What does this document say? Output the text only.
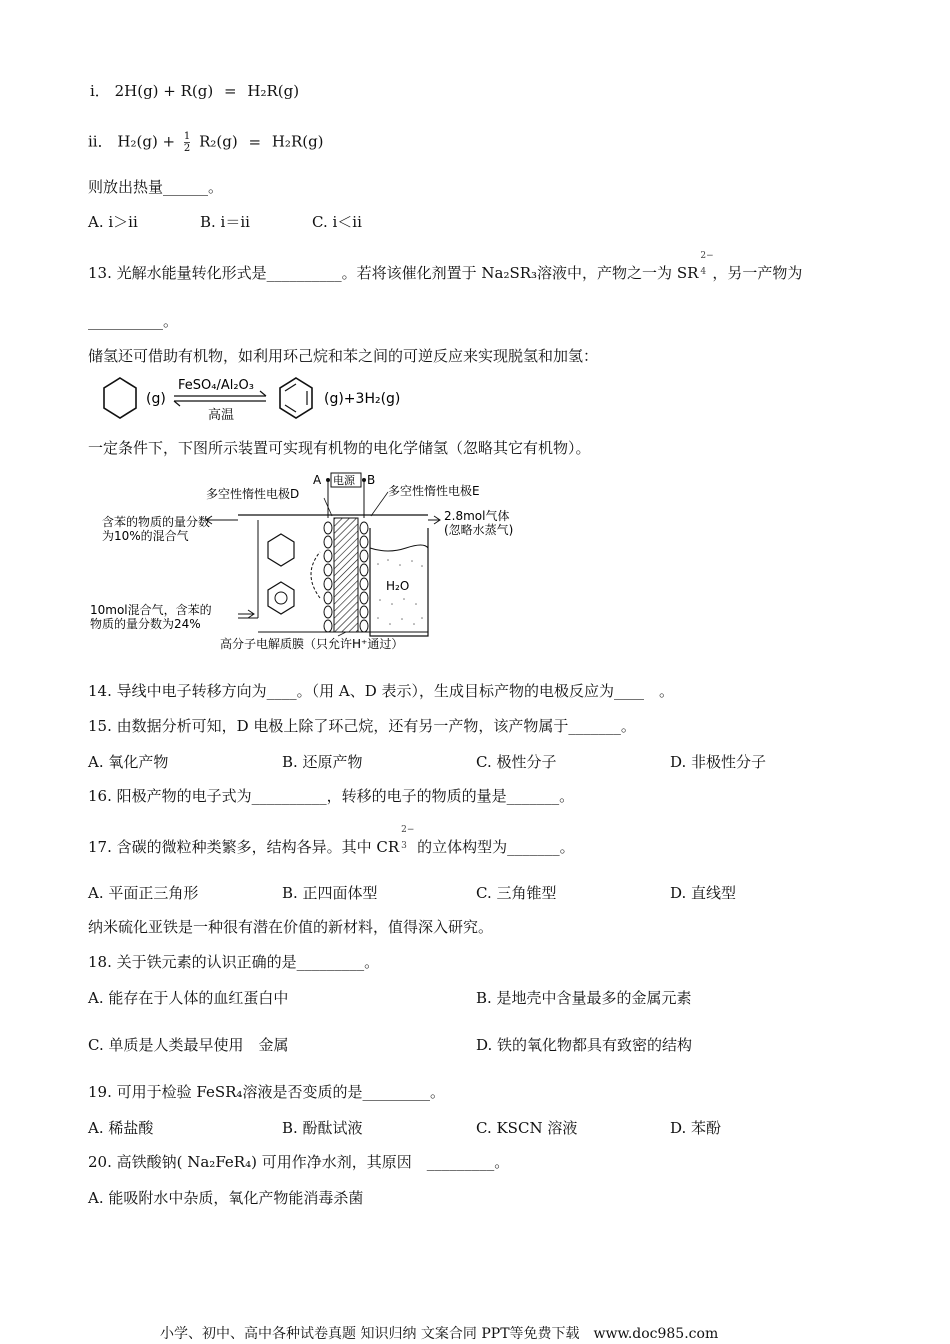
i． 2H(g) + R(g) = H₂R(g)
ii． $H_2(g) + \frac{1}{2} R_2(g) = H_2R(g)$
则放出热量______。
A. i＞ii	B. i＝ii	C. i＜ii
13. 光解水能量转化形式是__________。若将该催化剂置于 Na₂SR₃溶液中，产物之一为 SR
2−
4 ，另一产物为
__________。
储氢还可借助有机物，如利用环己烷和苯之间的可逆反应来实现脱氢和加氢：
(g)
FeSO₄/Al₂O₃
高温
(g)+3H₂(g)
一定条件下，下图所示装置可实现有机物的电化学储氢（忽略其它有机物）。
A 电源 B
多空性惰性电极D	多空性惰性电极E
含苯的物质的量分数
为10%的混合气
2.8mol气体
(忽略水蒸气)
H₂O
10mol混合气，含苯的
物质的量分数为24%
高分子电解质膜（只允许H⁺通过）
14. 导线中电子转移方向为____。（用 A、D 表示），生成目标产物的电极反应为____　。
15. 由数据分析可知，D 电极上除了环己烷，还有另一产物，该产物属于_______。
A. 氧化产物	B. 还原产物	C. 极性分子	D. 非极性分子
16. 阳极产物的电子式为__________，转移的电子的物质的量是_______。
17. 含碳的微粒种类繁多，结构各异。其中 CR
2−
3 的立体构型为_______。
A. 平面正三角形	B. 正四面体型	C. 三角锥型	D. 直线型
纳米硫化亚铁是一种很有潜在价值的新材料，值得深入研究。
18. 关于铁元素的认识正确的是_________。
A. 能存在于人体的血红蛋白中	B. 是地壳中含量最多的金属元素
C. 单质是人类最早使用　金属	D. 铁的氧化物都具有致密的结构
19. 可用于检验 FeSR₄溶液是否变质的是_________。
A. 稀盐酸	B. 酚酞试液	C. KSCN 溶液	D. 苯酚
20. 高铁酸钠( Na₂FeR₄) 可用作净水剂，其原因　_________。
A. 能吸附水中杂质，氧化产物能消毒杀菌
小学、初中、高中各种试卷真题 知识归纳 文案合同 PPT等免费下载　www.doc985.com
